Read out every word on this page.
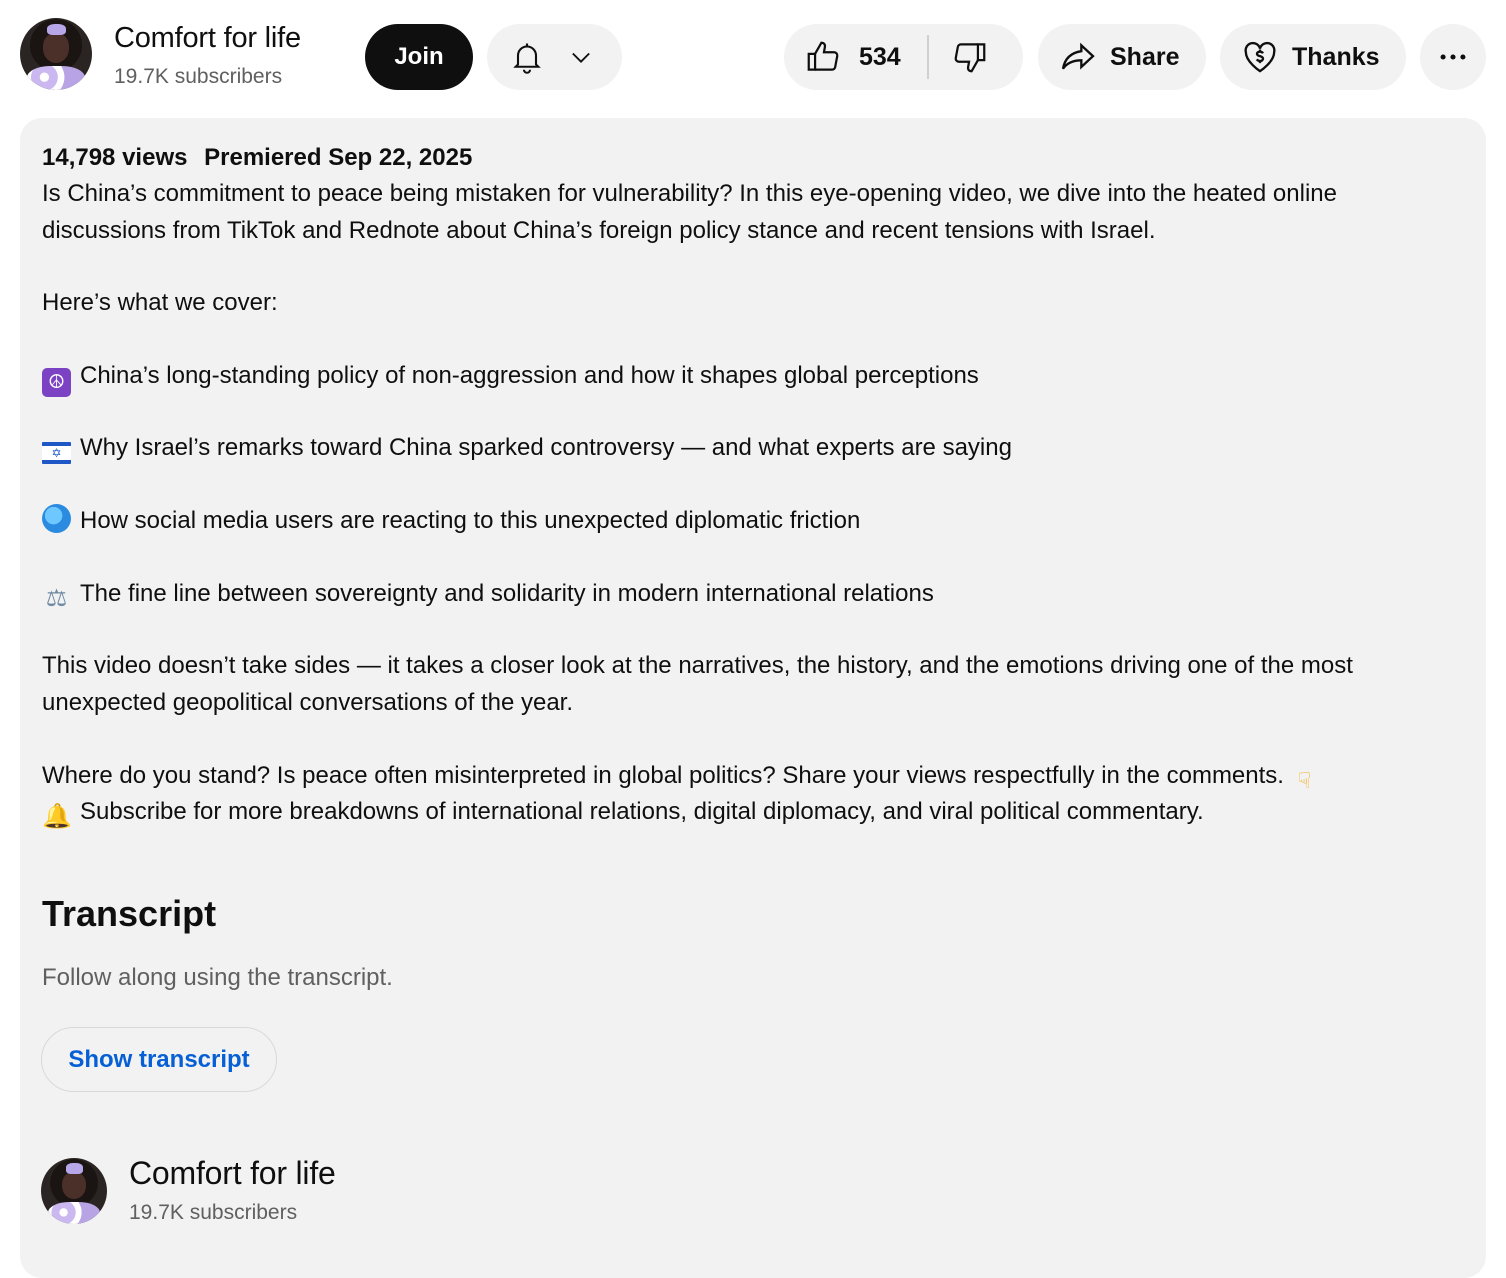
Comfort for life
19.7K subscribers
Join	534	Share	Thanks
14,798 views Premiered Sep 22, 2025
Is China’s commitment to peace being mistaken for vulnerability? In this eye-opening video, we dive into the heated online discussions from TikTok and Rednote about China’s foreign policy stance and recent tensions with Israel.
Here’s what we cover:
☮ China’s long-standing policy of non-aggression and how it shapes global perceptions
✡ Why Israel’s remarks toward China sparked controversy — and what experts are saying
How social media users are reacting to this unexpected diplomatic friction
⚖ The fine line between sovereignty and solidarity in modern international relations
This video doesn’t take sides — it takes a closer look at the narratives, the history, and the emotions driving one of the most unexpected geopolitical conversations of the year.
Where do you stand? Is peace often misinterpreted in global politics? Share your views respectfully in the comments. ☟
🔔 Subscribe for more breakdowns of international relations, digital diplomacy, and viral political commentary.
Transcript
Follow along using the transcript.
Show transcript
Comfort for life
19.7K subscribers
